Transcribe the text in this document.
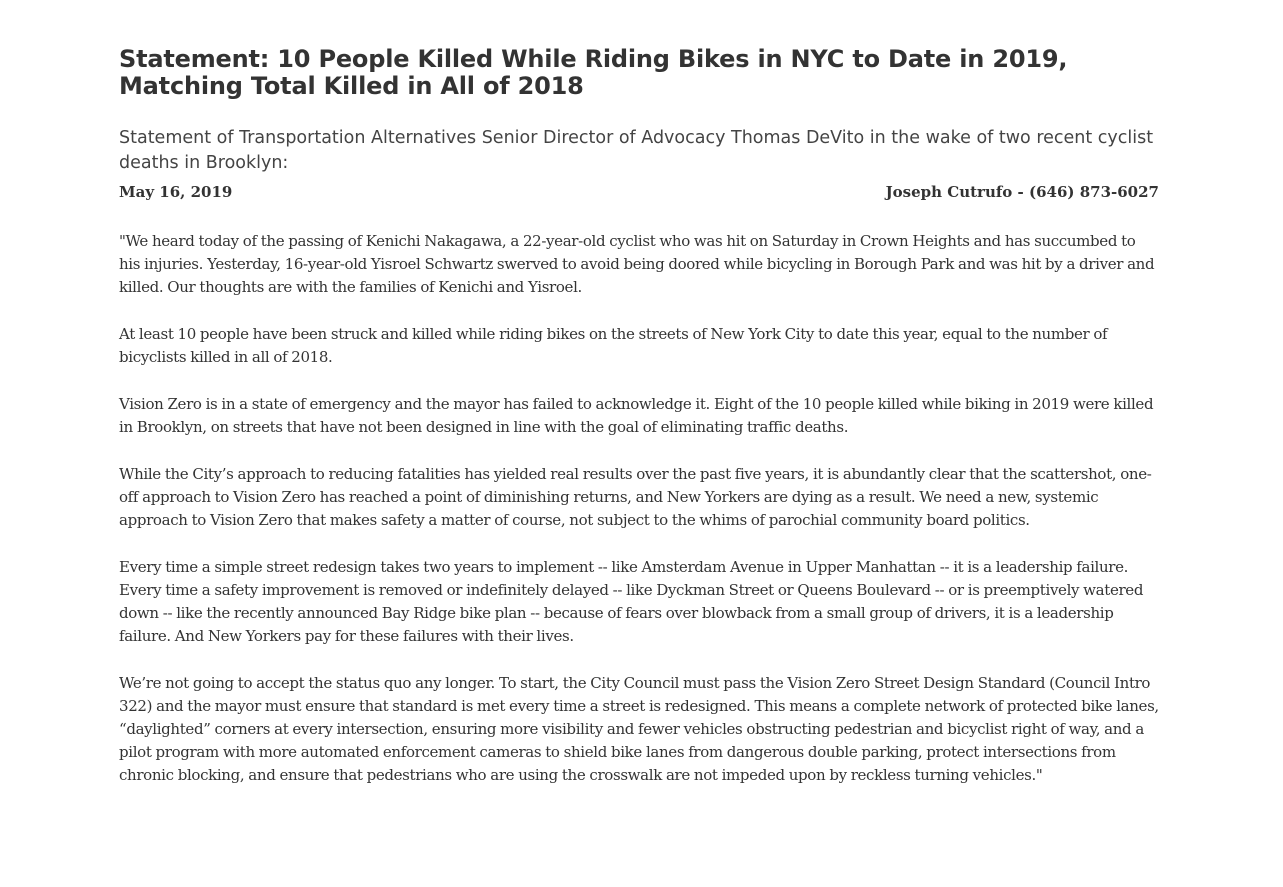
Statement: 10 People Killed While Riding Bikes in NYC to Date in 2019, Matching Total Killed in All of 2018
Statement of Transportation Alternatives Senior Director of Advocacy Thomas DeVito in the wake of two recent cyclist deaths in Brooklyn:
May 16, 2019	Joseph Cutrufo - (646) 873-6027

"We heard today of the passing of Kenichi Nakagawa, a 22-year-old cyclist who was hit on Saturday in Crown Heights and has succumbed to his injuries. Yesterday, 16-year-old Yisroel Schwartz swerved to avoid being doored while bicycling in Borough Park and was hit by a driver and killed. Our thoughts are with the families of Kenichi and Yisroel.

At least 10 people have been struck and killed while riding bikes on the streets of New York City to date this year, equal to the number of bicyclists killed in all of 2018.

Vision Zero is in a state of emergency and the mayor has failed to acknowledge it. Eight of the 10 people killed while biking in 2019 were killed in Brooklyn, on streets that have not been designed in line with the goal of eliminating traffic deaths.

While the City’s approach to reducing fatalities has yielded real results over the past five years, it is abundantly clear that the scattershot, one-off approach to Vision Zero has reached a point of diminishing returns, and New Yorkers are dying as a result. We need a new, systemic approach to Vision Zero that makes safety a matter of course, not subject to the whims of parochial community board politics.

Every time a simple street redesign takes two years to implement -- like Amsterdam Avenue in Upper Manhattan -- it is a leadership failure. Every time a safety improvement is removed or indefinitely delayed -- like Dyckman Street or Queens Boulevard -- or is preemptively watered down -- like the recently announced Bay Ridge bike plan -- because of fears over blowback from a small group of drivers, it is a leadership failure. And New Yorkers pay for these failures with their lives.

We’re not going to accept the status quo any longer. To start, the City Council must pass the Vision Zero Street Design Standard (Council Intro 322) and the mayor must ensure that standard is met every time a street is redesigned. This means a complete network of protected bike lanes, “daylighted” corners at every intersection, ensuring more visibility and fewer vehicles obstructing pedestrian and bicyclist right of way, and a pilot program with more automated enforcement cameras to shield bike lanes from dangerous double parking, protect intersections from chronic blocking, and ensure that pedestrians who are using the crosswalk are not impeded upon by reckless turning vehicles."
